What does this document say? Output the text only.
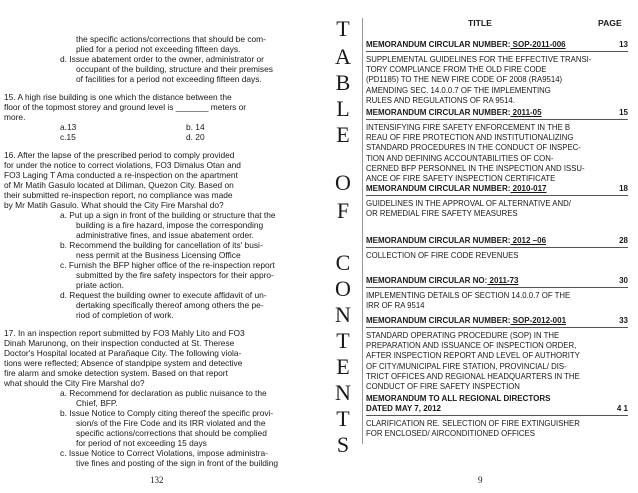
the specific actions/corrections that should be com-
plied for a period not exceeding fifteen days.
d. Issue abatement order to the owner, administrator or
occupant of the building, structure and their premises
of facilities for a period not exceeding fifteen days.
15. A high rise building is one which the distance between the
floor of the topmost storey and ground level is _______ meters or
more.
a.13	b. 14
c.15	d. 20
16. After the lapse of the prescribed period to comply provided
for under the notice to correct violations, FO3 Dimalus Otan and
FO3 Laging T Ama conducted a re-inspection on the apartment
of Mr Matih Gasulo located at Diliman, Quezon City. Based on
their submitted re-inspection report, no compliance was made
by Mr Matih Gasulo. What should the City Fire Marshal do?
a. Put up a sign in front of the building or structure that the
building is a fire hazard, impose the corresponding
administrative fines, and issue abatement order.
b. Recommend the building for cancellation of its' busi-
ness permit at the Business Licensing Office
c. Furnish the BFP higher office of the re-inspection report
submitted by the fire safety inspectors for their appro-
priate action.
d. Request the building owner to execute affidavit of un-
dertaking specifically thereof among others the pe-
riod of completion of work.
17. In an inspection report submitted by FO3 Mahly Lito and FO3
Dinah Marunong, on their inspection conducted at St. Therese
Doctor's Hospital located at Parañaque City. The following viola-
tions were reflected; Absence of standpipe system and detective
fire alarm and smoke detection system. Based on that report
what should the City Fire Marshal do?
a. Recommend for declaration as public nuisance to the
Chief, BFP.
b. Issue Notice to Comply citing thereof the specific provi-
sion/s of the Fire Code and its IRR violated and the
specific actions/corrections that should be complied
for period of not exceeding 15 days
c. Issue Notice to Correct Violations, impose administra-
tive fines and posting of the sign in front of the building
132
T
A
B
L
E
O
F
C
O
N
T
E
N
T
S
TITLE	PAGE
MEMORANDUM CIRCULAR NUMBER: SOP-2011-006	13
SUPPLEMENTAL GUIDELINES FOR THE EFFECTIVE TRANSI-
TORY COMPLIANCE FROM THE OLD FIRE CODE
(PD1185) TO THE NEW FIRE CODE OF 2008 (RA9514)
AMENDING SEC. 14.0.0.7 OF THE IMPLEMENTING
RULES AND REGULATIONS OF RA 9514.
MEMORANDUM CIRCULAR NUMBER: 2011-05	15
INTENSIFYING FIRE SAFETY ENFORCEMENT IN THE B
REAU OF FIRE PROTECTION AND INSTITUTIONALIZING
STANDARD PROCEDURES IN THE CONDUCT OF INSPEC-
TION AND DEFINING ACCOUNTABILITIES OF CON-
CERNED BFP PERSONNEL IN THE INSPECTION AND ISSU-
ANCE OF FIRE SAFETY INSPECTION CERTIFICATE
MEMORANDUM CIRCULAR NUMBER: 2010-017	18
GUIDELINES IN THE APPROVAL OF ALTERNATIVE AND/
OR REMEDIAL FIRE SAFETY MEASURES
MEMORANDUM CIRCULAR NUMBER: 2012 –06	28
COLLECTION OF FIRE CODE REVENUES
MEMORANDUM CIRCULAR NO: 2011-73	30
IMPLEMENTING DETAILS OF SECTION 14.0.0.7 OF THE
IRR OF RA 9514
MEMORANDUM CIRCULAR NUMBER: SOP-2012-001	33
STANDARD OPERATING PROCEDURE (SOP) IN THE
PREPARATION AND ISSUANCE OF INSPECTION ORDER,
AFTER INSPECTION REPORT AND LEVEL OF AUTHORITY
OF CITY/MUNICIPAL FIRE STATION, PROVINCIAL/ DIS-
TRICT OFFICES AND REGIONAL HEADQUARTERS IN THE
CONDUCT OF FIRE SAFETY INSPECTION
MEMORANDUM TO ALL REGIONAL DIRECTORS
DATED MAY 7, 2012	4 1
CLARIFICATION RE. SELECTION OF FIRE EXTINGUISHER
FOR ENCLOSED/ AIRCONDITIONED OFFICES
9
